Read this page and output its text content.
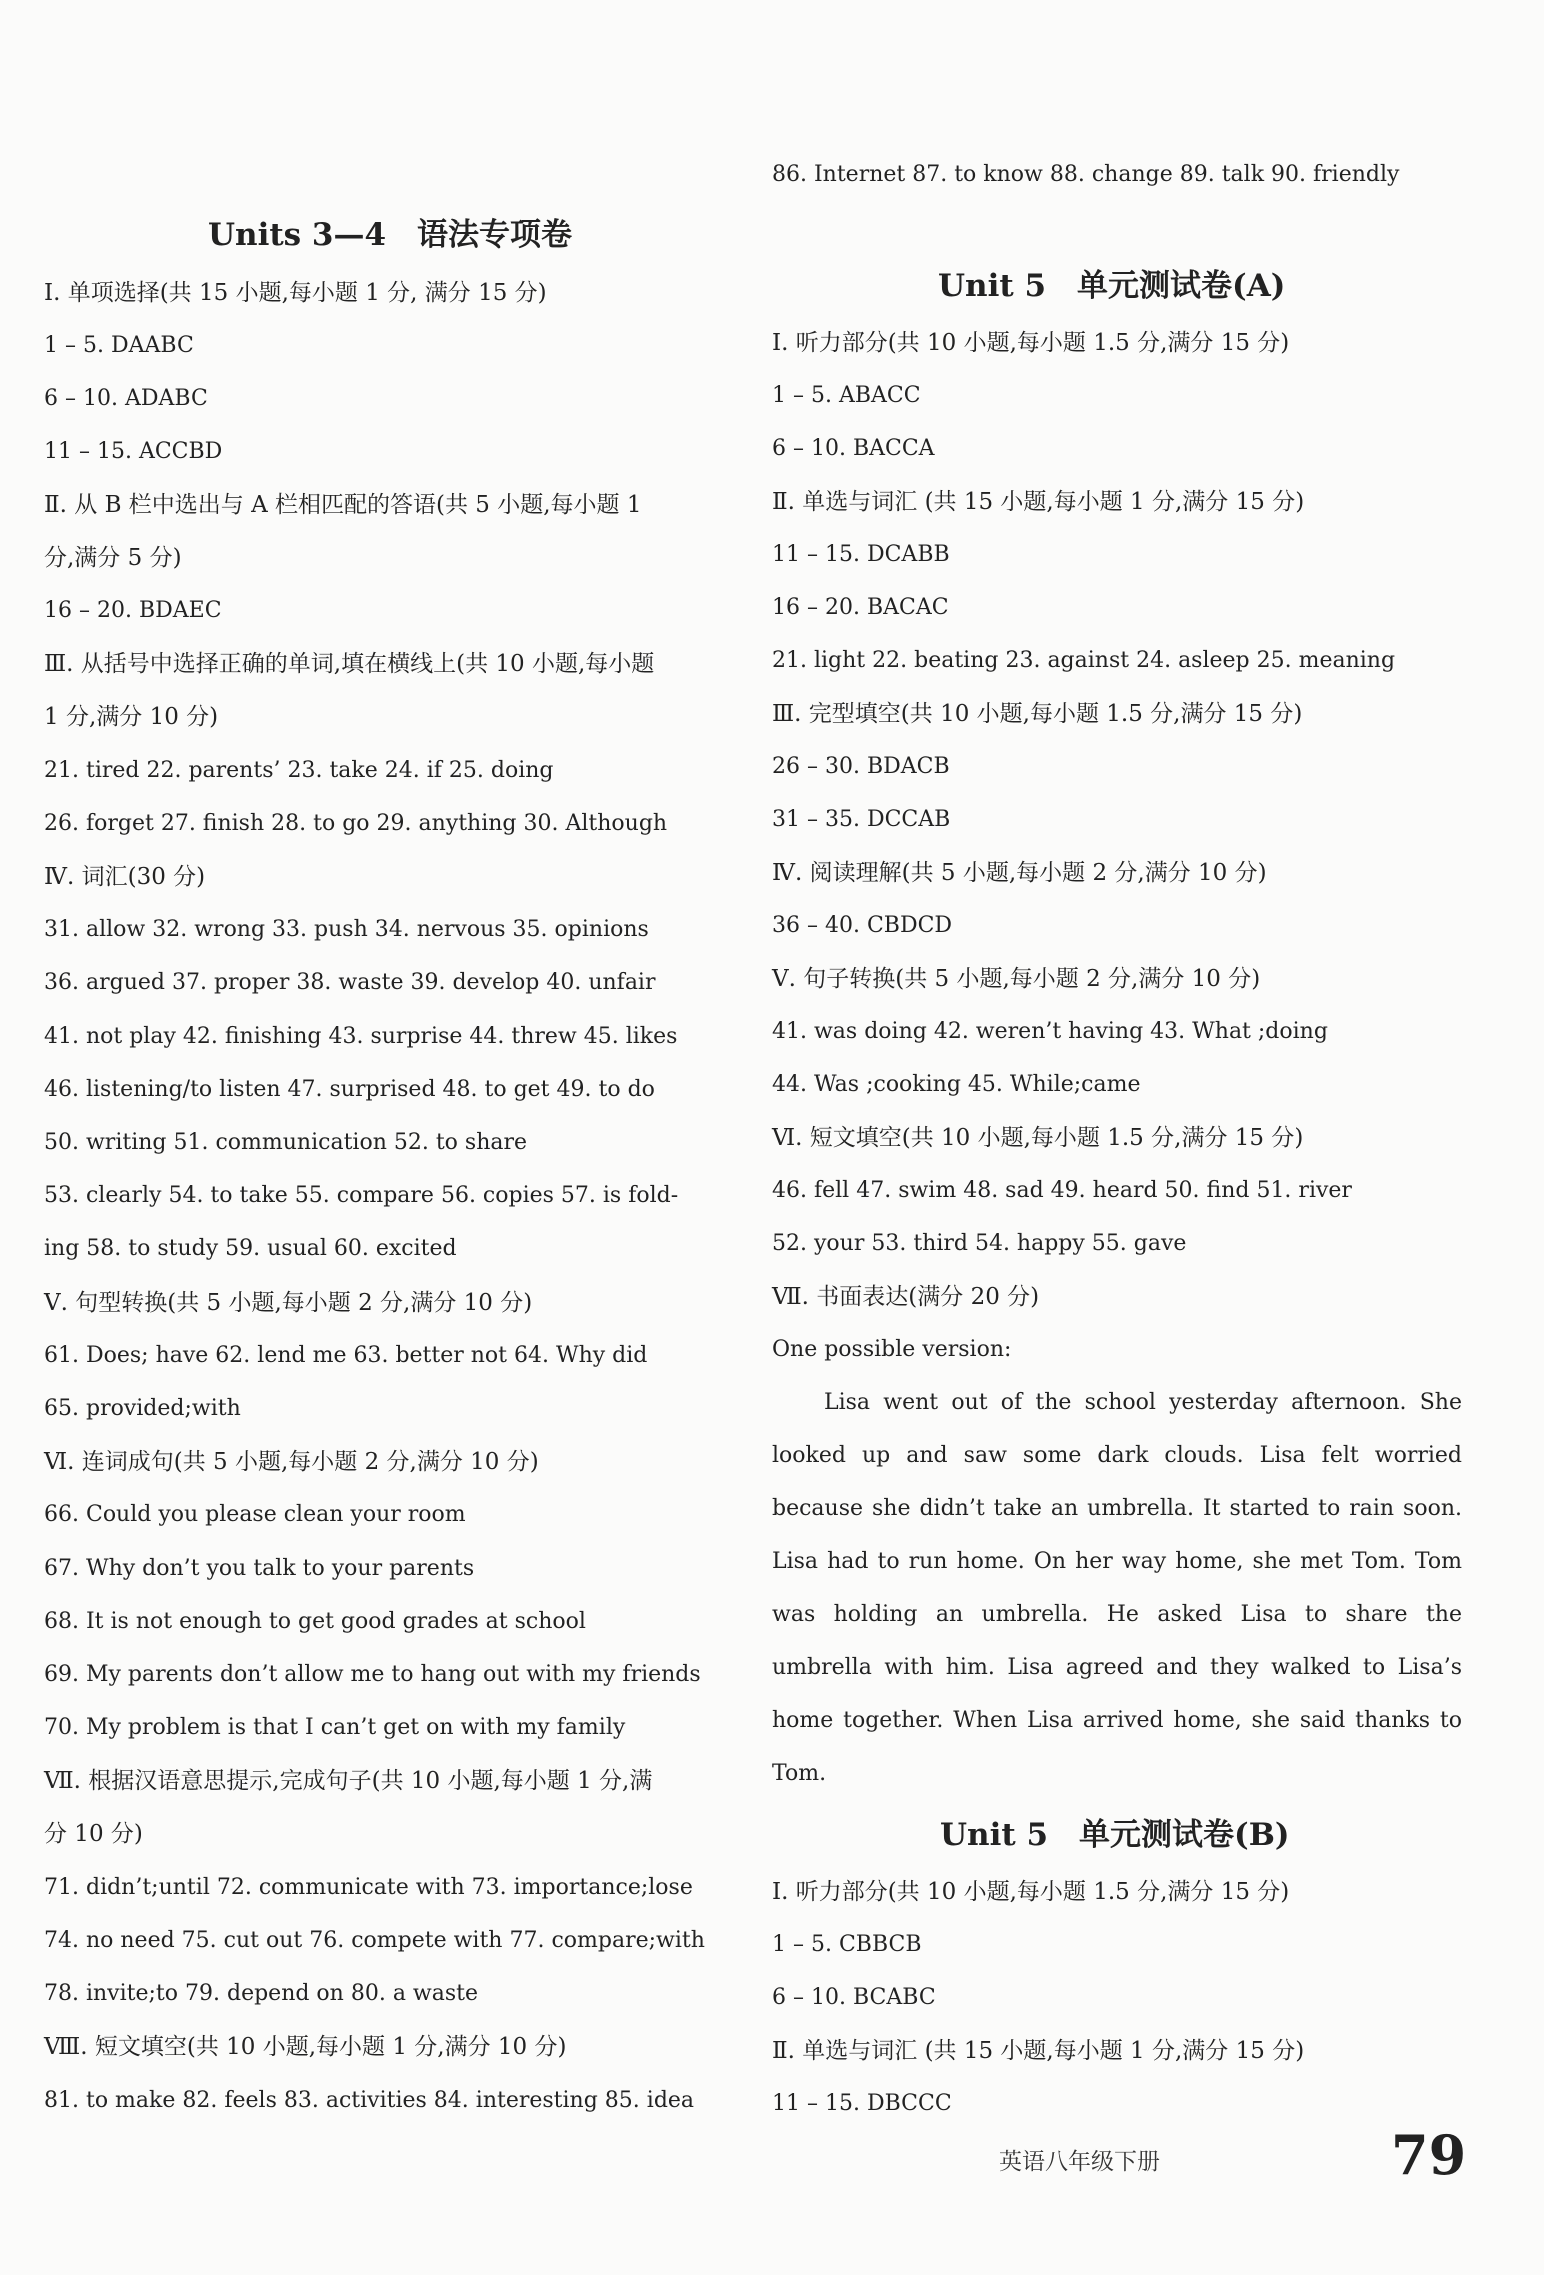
Units 3—4　语法专项卷
Ⅰ. 单项选择(共 15 小题,每小题 1 分, 满分 15 分)
1 – 5. DAABC
6 – 10. ADABC
11 – 15. ACCBD
Ⅱ. 从 B 栏中选出与 A 栏相匹配的答语(共 5 小题,每小题 1
分,满分 5 分)
16 – 20. BDAEC
Ⅲ. 从括号中选择正确的单词,填在横线上(共 10 小题,每小题
1 分,满分 10 分)
21. tired 22. parents’ 23. take 24. if 25. doing
26. forget 27. finish 28. to go 29. anything 30. Although
Ⅳ. 词汇(30 分)
31. allow 32. wrong 33. push 34. nervous 35. opinions
36. argued 37. proper 38. waste 39. develop 40. unfair
41. not play 42. finishing 43. surprise 44. threw 45. likes
46. listening/to listen 47. surprised 48. to get 49. to do
50. writing 51. communication 52. to share
53. clearly 54. to take 55. compare 56. copies 57. is fold-
ing 58. to study 59. usual 60. excited
Ⅴ. 句型转换(共 5 小题,每小题 2 分,满分 10 分)
61. Does; have 62. lend me 63. better not 64. Why did
65. provided;with
Ⅵ. 连词成句(共 5 小题,每小题 2 分,满分 10 分)
66. Could you please clean your room
67. Why don’t you talk to your parents
68. It is not enough to get good grades at school
69. My parents don’t allow me to hang out with my friends
70. My problem is that I can’t get on with my family
Ⅶ. 根据汉语意思提示,完成句子(共 10 小题,每小题 1 分,满
分 10 分)
71. didn’t;until 72. communicate with 73. importance;lose
74. no need 75. cut out 76. compete with 77. compare;with
78. invite;to 79. depend on 80. a waste
Ⅷ. 短文填空(共 10 小题,每小题 1 分,满分 10 分)
81. to make 82. feels 83. activities 84. interesting 85. idea
86. Internet 87. to know 88. change 89. talk 90. friendly
Unit 5　单元测试卷(A)
Ⅰ. 听力部分(共 10 小题,每小题 1.5 分,满分 15 分)
1 – 5. ABACC
6 – 10. BACCA
Ⅱ. 单选与词汇 (共 15 小题,每小题 1 分,满分 15 分)
11 – 15. DCABB
16 – 20. BACAC
21. light 22. beating 23. against 24. asleep 25. meaning
Ⅲ. 完型填空(共 10 小题,每小题 1.5 分,满分 15 分)
26 – 30. BDACB
31 – 35. DCCAB
Ⅳ. 阅读理解(共 5 小题,每小题 2 分,满分 10 分)
36 – 40. CBDCD
Ⅴ. 句子转换(共 5 小题,每小题 2 分,满分 10 分)
41. was doing 42. weren’t having 43. What ;doing
44. Was ;cooking 45. While;came
Ⅵ. 短文填空(共 10 小题,每小题 1.5 分,满分 15 分)
46. fell 47. swim 48. sad 49. heard 50. find 51. river
52. your 53. third 54. happy 55. gave
Ⅶ. 书面表达(满分 20 分)
One possible version:
Lisa went out of the school yesterday afternoon. She looked up and saw some dark clouds. Lisa felt worried because she didn’t take an umbrella. It started to rain soon. Lisa had to run home. On her way home, she met Tom. Tom was holding an umbrella. He asked Lisa to share the umbrella with him. Lisa agreed and they walked to Lisa’s home together. When Lisa arrived home, she said thanks to Tom.
Unit 5　单元测试卷(B)
Ⅰ. 听力部分(共 10 小题,每小题 1.5 分,满分 15 分)
1 – 5. CBBCB
6 – 10. BCABC
Ⅱ. 单选与词汇 (共 15 小题,每小题 1 分,满分 15 分)
11 – 15. DBCCC
英语八年级下册	79
